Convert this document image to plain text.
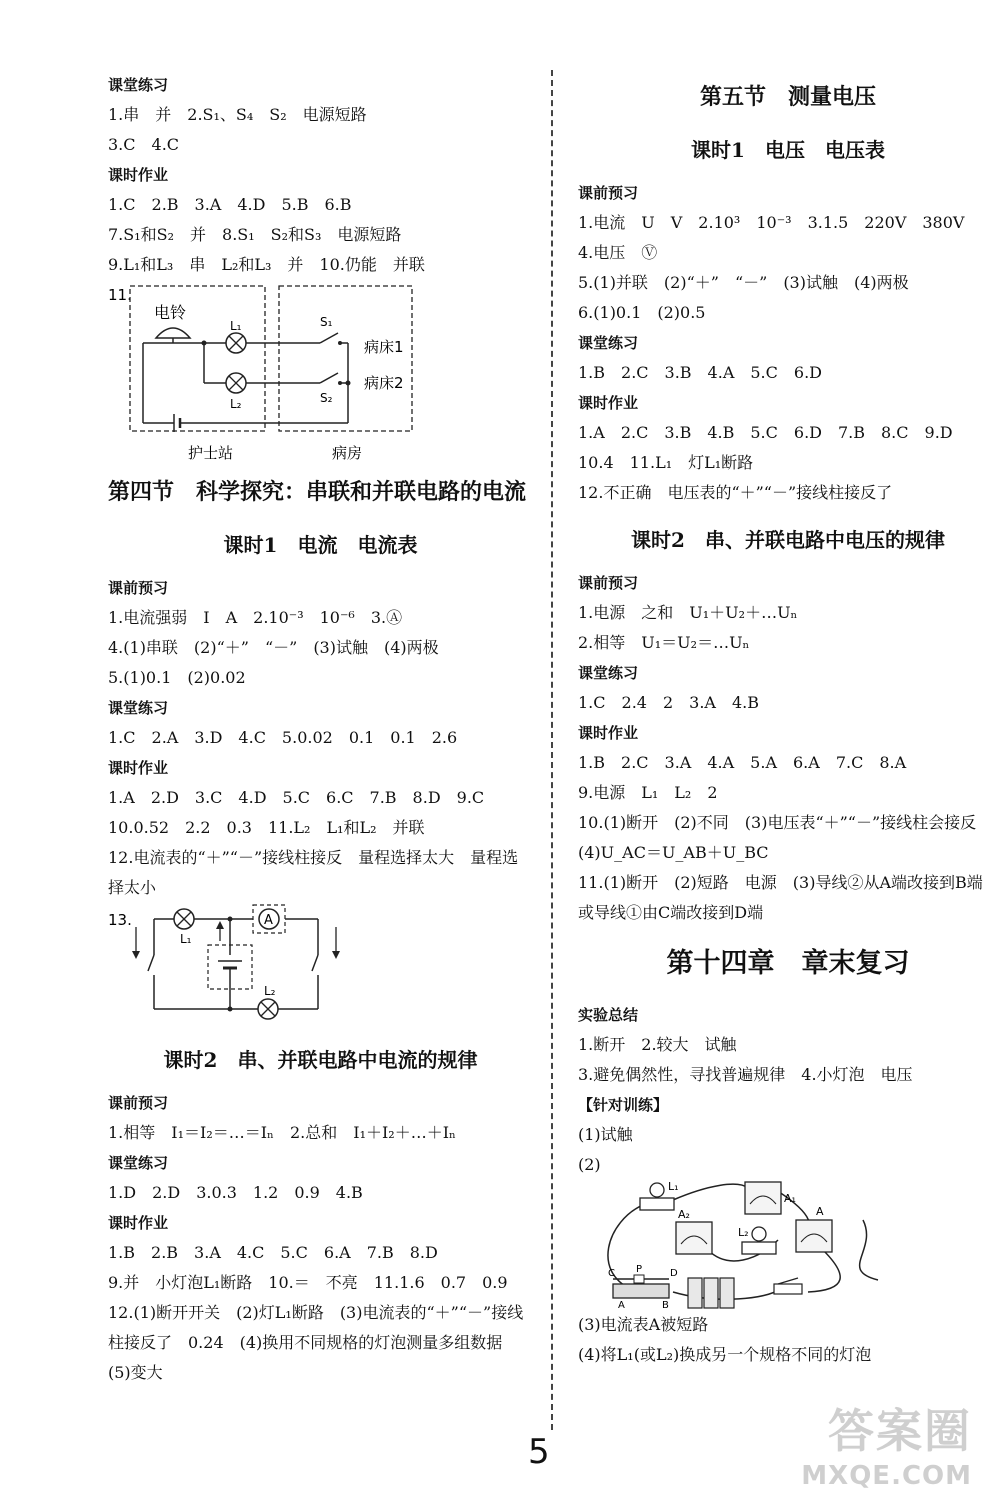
课堂练习
1.串　并　2.S₁、S₄　S₂　电源短路
3.C　4.C
课时作业
1.C　2.B　3.A　4.D　5.B　6.B
7.S₁和S₂　并　8.S₁　S₂和S₃　电源短路
9.L₁和L₃　串　L₂和L₃　并　10.仍能　并联
11.
电铃
L₁
L₂
S₁
S₂
病床1
病床2
护士站	病房
第四节　科学探究：串联和并联电路的电流
课时1　电流　电流表
课前预习
1.电流强弱　I　A　2.10⁻³　10⁻⁶　3.Ⓐ
4.(1)串联　(2)“＋”　“－”　(3)试触　(4)两极
5.(1)0.1　(2)0.02
课堂练习
1.C　2.A　3.D　4.C　5.0.02　0.1　0.1　2.6
课时作业
1.A　2.D　3.C　4.D　5.C　6.C　7.B　8.D　9.C
10.0.52　2.2　0.3　11.L₂　L₁和L₂　并联
12.电流表的“＋”“－”接线柱接反　量程选择太大　量程选择太小
13.
L₁
A
L₂
课时2　串、并联电路中电流的规律
课前预习
1.相等　I₁＝I₂＝…＝Iₙ　2.总和　I₁＋I₂＋…＋Iₙ
课堂练习
1.D　2.D　3.0.3　1.2　0.9　4.B
课时作业
1.B　2.B　3.A　4.C　5.C　6.A　7.B　8.D
9.并　小灯泡L₁断路　10.＝　不亮　11.1.6　0.7　0.9
12.(1)断开开关　(2)灯L₁断路　(3)电流表的“＋”“－”接线柱接反了　0.24　(4)换用不同规格的灯泡测量多组数据　(5)变大
第五节　测量电压
课时1　电压　电压表
课前预习
1.电流　U　V　2.10³　10⁻³　3.1.5　220V　380V
4.电压　Ⓥ
5.(1)并联　(2)“＋”　“－”　(3)试触　(4)两极
6.(1)0.1　(2)0.5
课堂练习
1.B　2.C　3.B　4.A　5.C　6.D
课时作业
1.A　2.C　3.B　4.B　5.C　6.D　7.B　8.C　9.D
10.4　11.L₁　灯L₁断路
12.不正确　电压表的“＋”“－”接线柱接反了
课时2　串、并联电路中电压的规律
课前预习
1.电源　之和　U₁＋U₂＋…Uₙ
2.相等　U₁＝U₂＝…Uₙ
课堂练习
1.C　2.4　2　3.A　4.B
课时作业
1.B　2.C　3.A　4.A　5.A　6.A　7.C　8.A
9.电源　L₁　L₂　2
10.(1)断开　(2)不同　(3)电压表“＋”“－”接线柱会接反　(4)U_AC＝U_AB＋U_BC
11.(1)断开　(2)短路　电源　(3)导线②从A端改接到B端或导线①由C端改接到D端
第十四章　章末复习
实验总结
1.断开　2.较大　试触
3.避免偶然性，寻找普遍规律　4.小灯泡　电压
【针对训练】
(1)试触
(2)
L₁
L₂
A₁
A₂	A
C P	D
A	B
(3)电流表A被短路
(4)将L₁(或L₂)换成另一个规格不同的灯泡
5	答案圈
MXQE.COM
